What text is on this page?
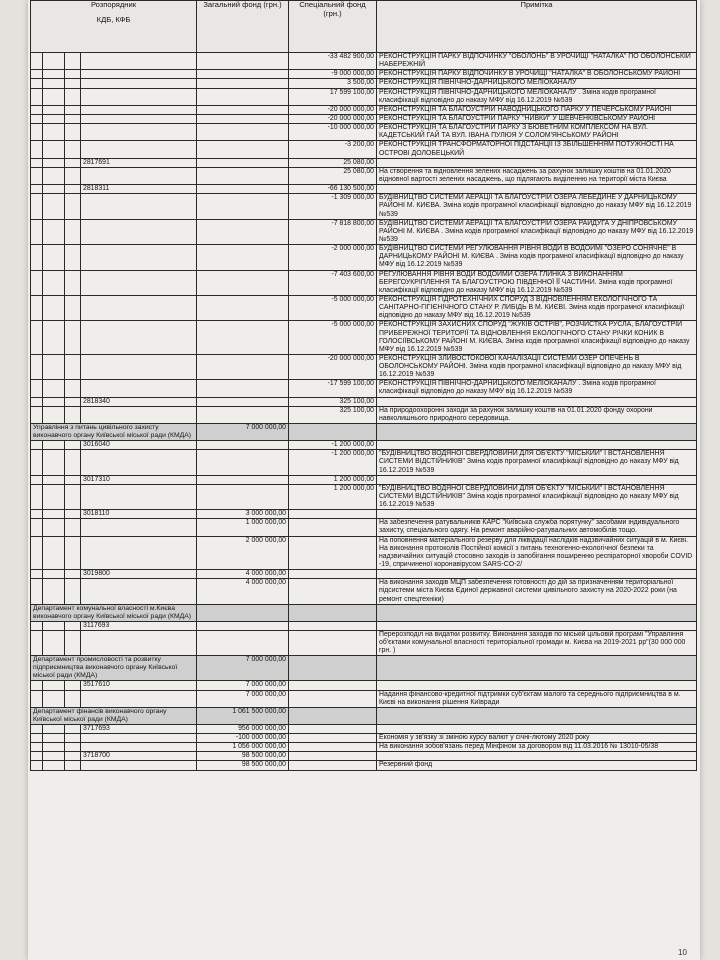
Розпорядник
КДБ, КФБ				Загальний фонд (грн.)	Спеціальний фонд (грн.)	Примітка
					-33 482 900,00	РЕКОНСТРУКЦІЯ ПАРКУ ВІДПОЧИНКУ "ОБОЛОНЬ" В УРОЧИЩІ "НАТАЛКА" ПО ОБОЛОНСЬКІЙ НАБЕРЕЖНІЙ
					-9 000 000,00	РЕКОНСТРУКЦІЯ ПАРКУ ВІДПОЧИНКУ В УРОЧИЩІ "НАТАЛКА" В ОБОЛОНСЬКОМУ РАЙОНІ
					3 500,00	РЕКОНСТРУКЦІЯ ПІВНІЧНО-ДАРНИЦЬКОГО МЕЛІОКАНАЛУ
					17 599 100,00	РЕКОНСТРУКЦІЯ ПІВНІЧНО-ДАРНИЦЬКОГО МЕЛІОКАНАЛУ . Зміна кодів програмної класифікації відповідно до наказу МФУ від 16.12.2019 №539
					-20 000 000,00	РЕКОНСТРУКЦІЯ ТА БЛАГОУСТРІЙ НАВОДНИЦЬКОГО ПАРКУ У ПЕЧЕРСЬКОМУ РАЙОНІ
					-20 000 000,00	РЕКОНСТРУКЦІЯ ТА БЛАГОУСТРІЙ ПАРКУ "НИВКИ" У ШЕВЧЕНКІВСЬКОМУ РАЙОНІ
					-10 000 000,00	РЕКОНСТРУКЦІЯ ТА БЛАГОУСТРІЙ ПАРКУ З БЮВЕТНИМ КОМПЛЕКСОМ НА ВУЛ. КАДЕТСЬКИЙ ГАЙ ТА ВУЛ. ІВАНА ПУЛЮЯ У СОЛОМ'ЯНСЬКОМУ РАЙОНІ
					-3 200,00	РЕКОНСТРУКЦІЯ ТРАНСФОРМАТОРНОЇ ПІДСТАНЦІЇ ІЗ ЗБІЛЬШЕННЯМ ПОТУЖНОСТІ НА ОСТРОВІ ДОЛОБЕЦЬКИЙ
			2817691		25 080,00	
					25 080,00	На створення та відновлення зелених насаджень за рахунок залишку коштів на 01.01.2020 відновної вартості зелених насаджень, що підлягають виділенню на території міста Києва
			2818311		-66 130 500,00	
					-1 309 000,00	БУДІВНИЦТВО СИСТЕМИ АЕРАЦІЇ ТА БЛАГОУСТРІЙ ОЗЕРА ЛЕБЕДИНЕ У ДАРНИЦЬКОМУ РАЙОНІ М. КИЄВА. Зміна кодів програмної класифікації відповідно до наказу МФУ від 16.12.2019 №539
					-7 818 800,00	БУДІВНИЦТВО СИСТЕМИ АЕРАЦІЇ ТА БЛАГОУСТРІЙ ОЗЕРА РАЙДУГА У ДНІПРОВСЬКОМУ РАЙОНІ М. КИЄВА . Зміна кодів програмної класифікації відповідно до наказу МФУ від 16.12.2019 №539
					-2 000 000,00	БУДІВНИЦТВО СИСТЕМИ РЕГУЛЮВАННЯ РІВНЯ ВОДИ В ВОДОЙМІ "ОЗЕРО СОНЯЧНЕ" В ДАРНИЦЬКОМУ РАЙОНІ М. КИЄВА . Зміна кодів програмної класифікації відповідно до наказу МФУ від 16.12.2019 №539
					-7 403 600,00	РЕГУЛЮВАННЯ РІВНЯ ВОДИ ВОДОЙМИ ОЗЕРА ГЛИНКА З ВИКОНАННЯМ БЕРЕГОУКРІПЛЕННЯ ТА БЛАГОУСТРОЮ ПІВДЕННОЇ ЇЇ ЧАСТИНИ. Зміна кодів програмної класифікації відповідно до наказу МФУ від 16.12.2019 №539
					-5 000 000,00	РЕКОНСТРУКЦІЯ ГІДРОТЕХНІЧНИХ СПОРУД З ВІДНОВЛЕННЯМ ЕКОЛОГІЧНОГО ТА САНІТАРНО-ГІГІЄНІЧНОГО СТАНУ Р. ЛИБІДЬ В М. КИЄВІ. Зміна кодів програмної класифікації відповідно до наказу МФУ від 16.12.2019 №539
					-5 000 000,00	РЕКОНСТРУКЦІЯ ЗАХИСНИХ СПОРУД "ЖУКІВ ОСТРІВ", РОЗЧИСТКА РУСЛА, БЛАГОУСТРІЙ ПРИБЕРЕЖНОЇ ТЕРИТОРІЇ ТА ВІДНОВЛЕННЯ ЕКОЛОГІЧНОГО СТАНУ РІЧКИ КОНИК В ГОЛОСІЇВСЬКОМУ РАЙОНІ М. КИЄВА. Зміна кодів програмної класифікації відповідно до наказу МФУ від 16.12.2019 №539
					-20 000 000,00	РЕКОНСТРУКЦІЯ ЗЛИВОСТОКОВОЇ КАНАЛІЗАЦІЇ СИСТЕМИ ОЗЕР ОПЕЧЕНЬ В ОБОЛОНСЬКОМУ РАЙОНІ. Зміна кодів програмної класифікації відповідно до наказу МФУ від 16.12.2019 №539
					-17 599 100,00	РЕКОНСТРУКЦІЯ ПІВНІЧНО-ДАРНИЦЬКОГО МЕЛІОКАНАЛУ . Зміна кодів програмної класифікації відповідно до наказу МФУ від 16.12.2019 №539
			2818340		325 100,00	
					325 100,00	На природоохоронні заходи за рахунок залишку коштів на 01.01.2020 фонду охорони навколишнього природного середовища.
Управління з питань цивільного захисту виконавчого органу Київської міської ради (КМДА)				7 000 000,00		
			3016040		-1 200 000,00	
					-1 200 000,00	"БУДІВНИЦТВО ВОДЯНОЇ СВЕРДЛОВИНИ ДЛЯ ОБ'ЄКТУ "МІСЬКИЙ" І ВСТАНОВЛЕННЯ СИСТЕМИ ВІДСТІЙНИКІВ" Зміна кодів програмної класифікації відповідно до наказу МФУ від 16.12.2019 №539
			3017310		1 200 000,00	
					1 200 000,00	"БУДІВНИЦТВО ВОДЯНОЇ СВЕРДЛОВИНИ ДЛЯ ОБ'ЄКТУ "МІСЬКИЙ" І ВСТАНОВЛЕННЯ СИСТЕМИ ВІДСТІЙНИКІВ" Зміна кодів програмної класифікації відповідно до наказу МФУ від 16.12.2019 №539
			3018110	3 000 000,00		
				1 000 000,00		На забезпечення ратувальників КАРС "Київська служба порятунку" засобами індивідуального захисту, спеціального одягу. На ремонт аварійно-ратувальних автомобілів тощо.
				2 000 000,00		На поповнення матеріального резерву для ліквідації наслідків надзвичайних ситуацій в м. Києві. На виконання протоколів Постійної комісії з питань техногенно-екологічної безпеки та надзвичайних ситуацій стосовно заходів із запобігання поширенню респіраторної хвороби COVID -19, спричиненої коронавірусом SARS-CO-2/
			3019800	4 000 000,00		
				4 000 000,00		На виконання заходів МЦП забезпечення готовності до дій за призначенням територіальної підсистеми міста Києва Єдиної державної системи цивільного захисту на 2020-2022 роки (на ремонт спецтехніки)
Департамент комунальної власності м.Києва виконавчого органу Київської міської ради (КМДА)						
			3117693			
						Перерозподіл на видатки розвитку. Виконання заходів по міській цільовій програмі "Управління об'єктами комунальної власності територіальної громади м. Києва на 2019-2021 рр"(30 000 000 грн. )
Департамент промисловості та розвитку підприємництва виконавчого органу Київської міської ради (КМДА)				7 000 000,00		
			3517610	7 000 000,00		
				7 000 000,00		Надання фінансово-кредитної підтримки суб'єктам малого та середнього підприємництва в м. Києві на виконання рішення Київради
Департамент фінансів виконавчого органу Київської міської ради (КМДА)				1 061 500 000,00		
			3717693	956 000 000,00		
				-100 000 000,00		Економія у зв'язку зі зміною курсу валют у січні-лютому 2020 року
				1 056 000 000,00		На виконання зобов'язань перед Мінфіном за договором від 11.03.2016 № 13010-05/38
			3718700	98 500 000,00		
				98 500 000,00		Резервний фонд
10
